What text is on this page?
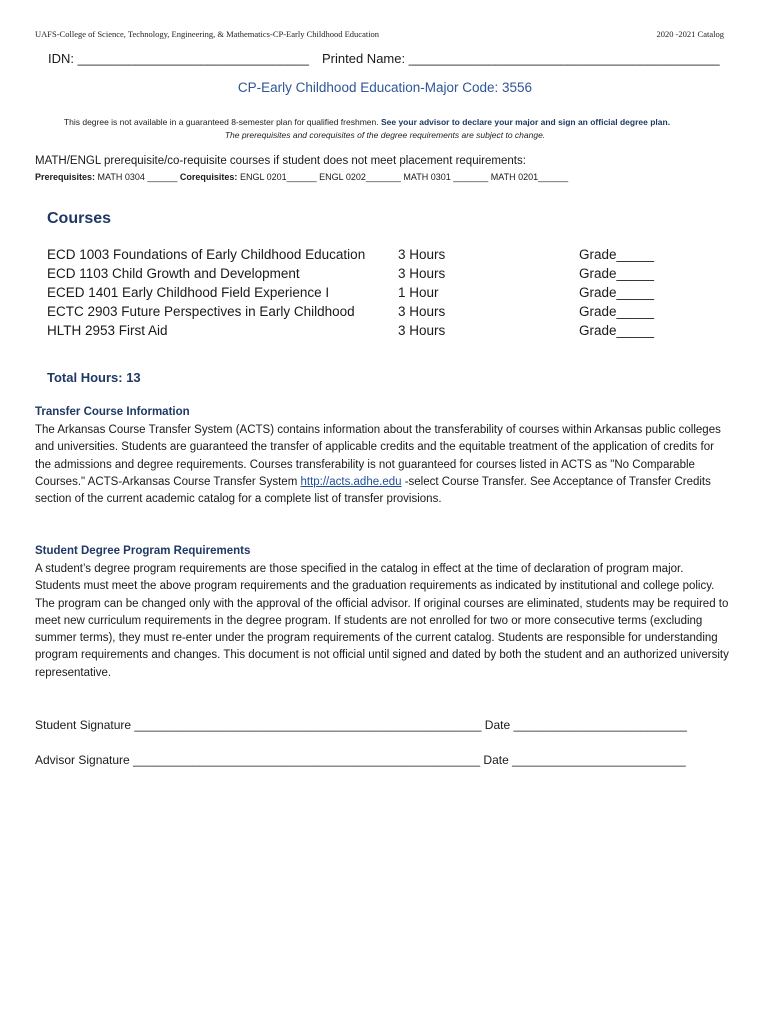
UAFS-College of Science, Technology, Engineering, & Mathematics-CP-Early Childhood Education	2020 -2021 Catalog
IDN: ________________________________ Printed Name: ___________________________________________
CP-Early Childhood Education-Major Code: 3556
This degree is not available in a guaranteed 8-semester plan for qualified freshmen. See your advisor to declare your major and sign an official degree plan.
The prerequisites and corequisites of the degree requirements are subject to change.
MATH/ENGL prerequisite/co-requisite courses if student does not meet placement requirements:
Prerequisites: MATH 0304 ______ Corequisites: ENGL 0201______ ENGL 0202_______ MATH 0301 _______ MATH 0201______
Courses
ECD 1003 Foundations of Early Childhood Education	3 Hours	Grade_____
ECD 1103 Child Growth and Development	3 Hours	Grade_____
ECED 1401 Early Childhood Field Experience I	1 Hour	Grade_____
ECTC 2903 Future Perspectives in Early Childhood	3 Hours	Grade_____
HLTH 2953 First Aid	3 Hours	Grade_____
Total Hours: 13
Transfer Course Information
The Arkansas Course Transfer System (ACTS) contains information about the transferability of courses within Arkansas public colleges and universities. Students are guaranteed the transfer of applicable credits and the equitable treatment of the application of credits for the admissions and degree requirements. Courses transferability is not guaranteed for courses listed in ACTS as "No Comparable Courses." ACTS-Arkansas Course Transfer System http://acts.adhe.edu -select Course Transfer. See Acceptance of Transfer Credits section of the current academic catalog for a complete list of transfer provisions.
Student Degree Program Requirements
A student’s degree program requirements are those specified in the catalog in effect at the time of declaration of program major. Students must meet the above program requirements and the graduation requirements as indicated by institutional and college policy. The program can be changed only with the approval of the official advisor. If original courses are eliminated, students may be required to meet new curriculum requirements in the degree program. If students are not enrolled for two or more consecutive terms (excluding summer terms), they must re-enter under the program requirements of the current catalog. Students are responsible for understanding program requirements and changes. This document is not official until signed and dated by both the student and an authorized university representative.
Student Signature ____________________________________________________ Date __________________________
Advisor Signature ____________________________________________________ Date __________________________
